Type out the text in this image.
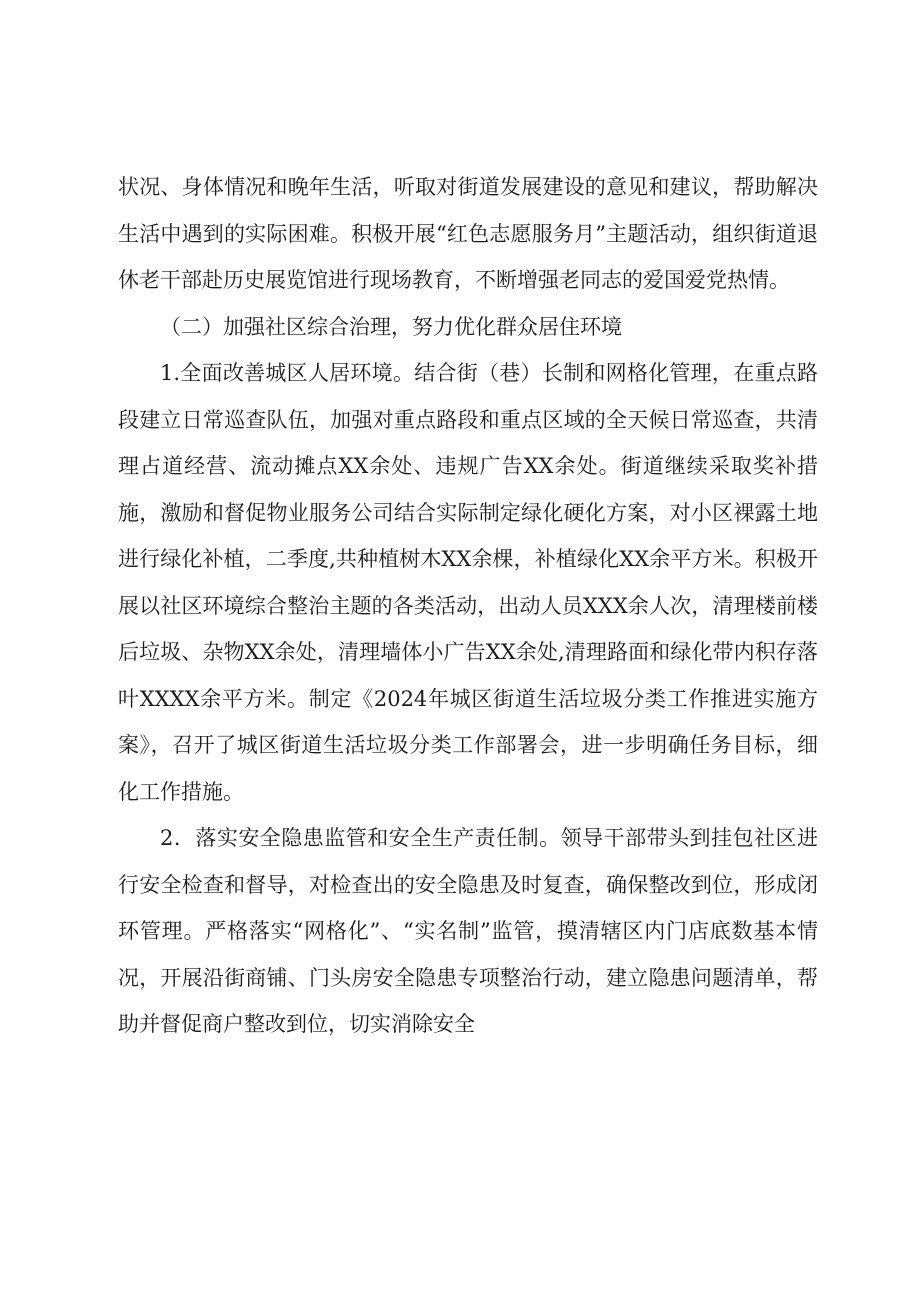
状况、身体情况和晚年生活，听取对街道发展建设的意见和建议，帮助解决生活中遇到的实际困难。积极开展“红色志愿服务月”主题活动，组织街道退休老干部赴历史展览馆进行现场教育，不断增强老同志的爱国爱党热情。

（二）加强社区综合治理，努力优化群众居住环境

1.全面改善城区人居环境。结合街（巷）长制和网格化管理，在重点路段建立日常巡查队伍，加强对重点路段和重点区域的全天候日常巡查，共清理占道经营、流动摊点XX余处、违规广告XX余处。街道继续采取奖补措施，激励和督促物业服务公司结合实际制定绿化硬化方案，对小区裸露土地进行绿化补植，二季度,共种植树木XX余棵，补植绿化XX余平方米。积极开展以社区环境综合整治主题的各类活动，出动人员XXX余人次，清理楼前楼后垃圾、杂物XX余处，清理墙体小广告XX余处,清理路面和绿化带内积存落叶XXXX余平方米。制定《2024年城区街道生活垃圾分类工作推进实施方案》，召开了城区街道生活垃圾分类工作部署会，进一步明确任务目标，细化工作措施。

2．落实安全隐患监管和安全生产责任制。领导干部带头到挂包社区进行安全检查和督导，对检查出的安全隐患及时复查，确保整改到位，形成闭环管理。严格落实“网格化”、“实名制”监管，摸清辖区内门店底数基本情况，开展沿街商铺、门头房安全隐患专项整治行动，建立隐患问题清单，帮助并督促商户整改到位，切实消除安全
